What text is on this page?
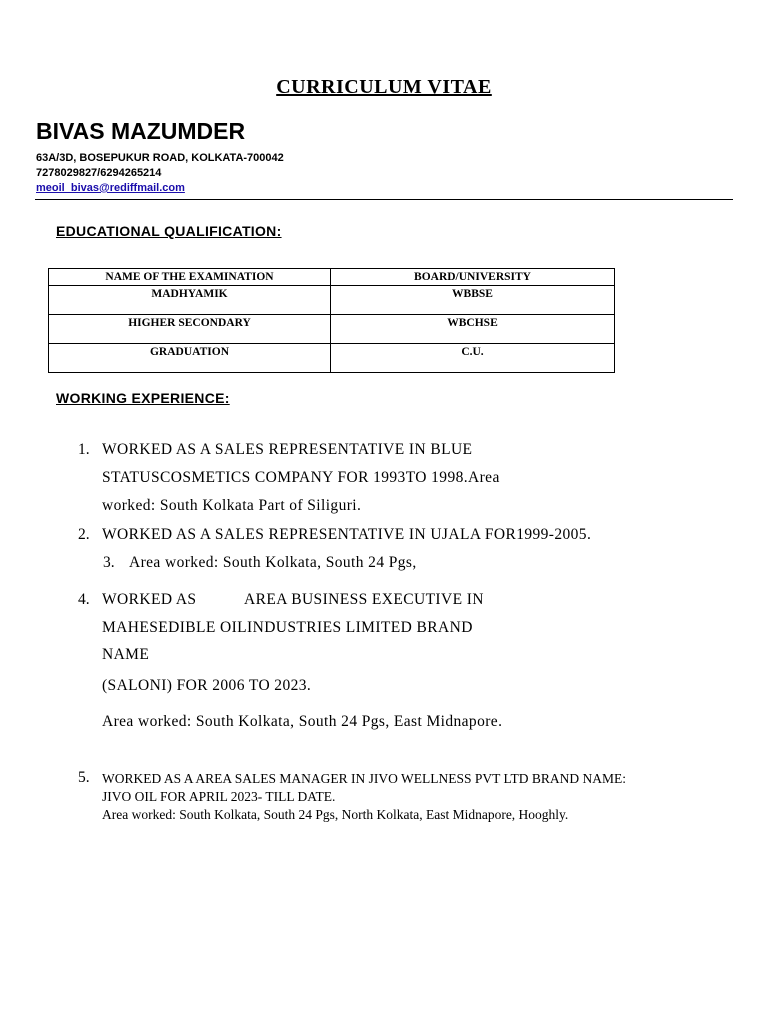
CURRICULUM VITAE
BIVAS MAZUMDER
63A/3D, BOSEPUKUR ROAD, KOLKATA-700042
7278029827/6294265214
meoil_bivas@rediffmail.com
EDUCATIONAL QUALIFICATION:
NAME OF THE EXAMINATION	BOARD/UNIVERSITY
MADHYAMIK	WBBSE
HIGHER SECONDARY	WBCHSE
GRADUATION	C.U.
WORKING EXPERIENCE:
1. WORKED AS A SALES REPRESENTATIVE IN BLUE
STATUSCOSMETICS COMPANY FOR 1993TO 1998.Area
worked: South Kolkata Part of Siliguri.
2. WORKED AS A SALES REPRESENTATIVE IN UJALA FOR1999-2005.
3. Area worked: South Kolkata, South 24 Pgs,
4. WORKED AS	AREA BUSINESS EXECUTIVE IN
MAHESEDIBLE OILINDUSTRIES LIMITED BRAND
NAME
(SALONI) FOR 2006 TO 2023.
Area worked: South Kolkata, South 24 Pgs, East Midnapore.
5. WORKED AS A AREA SALES MANAGER IN JIVO WELLNESS PVT LTD BRAND NAME:
JIVO OIL FOR APRIL 2023- TILL DATE.
Area worked: South Kolkata, South 24 Pgs, North Kolkata, East Midnapore, Hooghly.
